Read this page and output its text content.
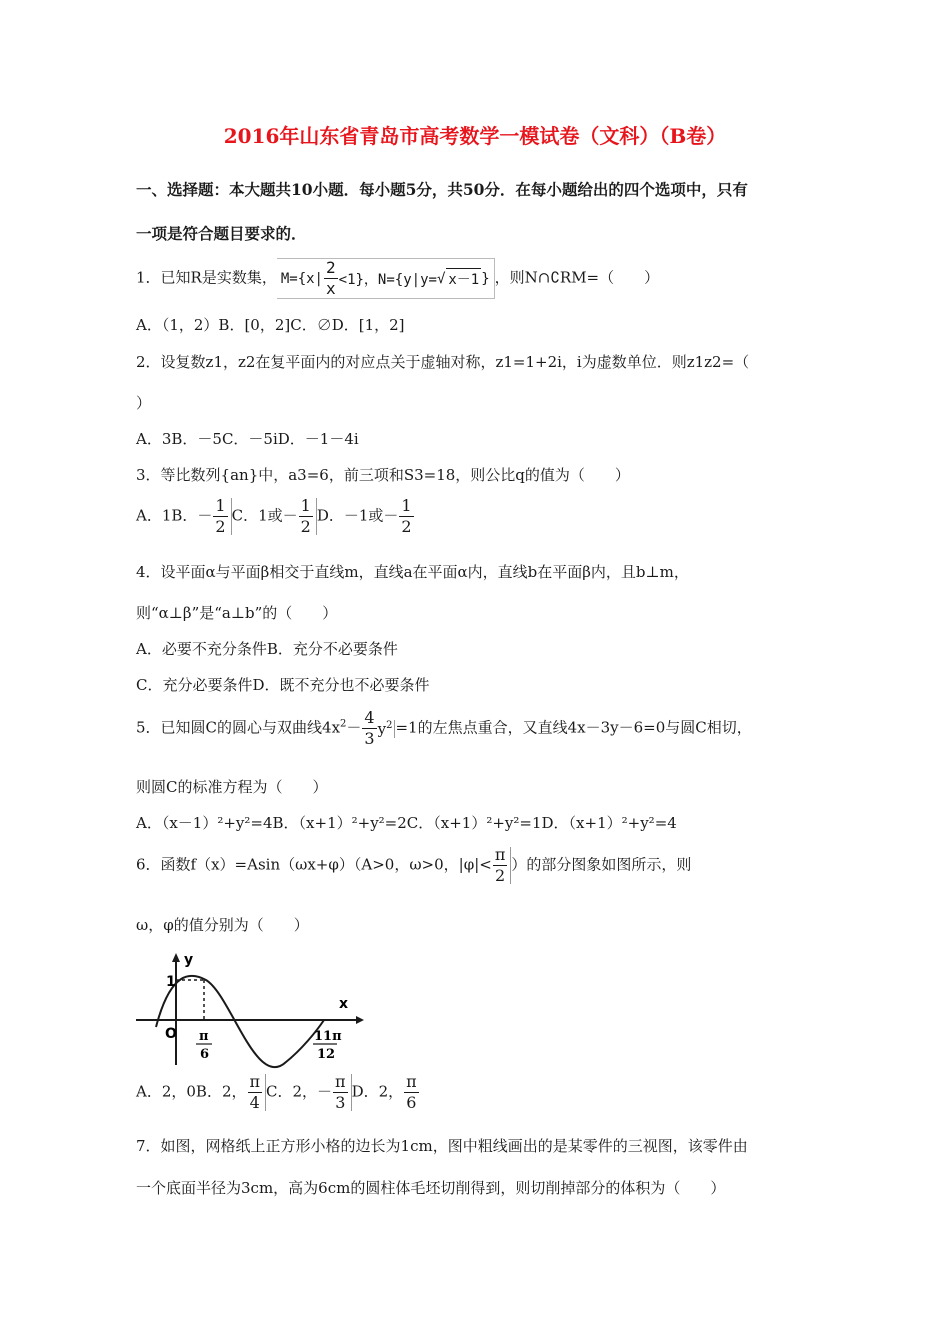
2016年山东省青岛市高考数学一模试卷（文科）（B卷）
一、选择题：本大题共10小题．每小题5分，共50分．在每小题给出的四个选项中，只有
一项是符合题目要求的．
1．已知R是实数集， $M=\{x| \frac{2}{x} <1\}$，N={y|y= √ x－1 } ，则N∩∁RM=（　　）
A．（1，2）B．[0，2]C．∅D．[1，2]
2．设复数z1，z2在复平面内的对应点关于虚轴对称，z1=1+2i，i为虚数单位．则z1z2=（
）
A．3B．－5C．－5iD．－1－4i
3．等比数列{an}中，a3=6，前三项和S3=18，则公比q的值为（　　）
A．1B．－ $\frac{1}{2}$ C．1或－ $\frac{1}{2}$ D．－1或－ $\frac{1}{2}$
4．设平面α与平面β相交于直线m，直线a在平面α内，直线b在平面β内，且b⊥m，
则“α⊥β”是“a⊥b”的（　　）
A．必要不充分条件B．充分不必要条件
C．充分必要条件D．既不充分也不必要条件
5．已知圆C的圆心与双曲线$4x^2- \frac{4}{3} y^2 =1$的左焦点重合，又直线4x－3y－6=0与圆C相切，
则圆C的标准方程为（　　）
A．（x－1）²+y²=4B．（x+1）²+y²=2C．（x+1）²+y²=1D．（x+1）²+y²=4
6．函数f（x）=Asin（ωx+φ）（A>0，ω>0，$|\varphi|< \frac{\pi}{2}$ ）的部分图象如图所示，则
ω，φ的值分别为（　　）
y
x
O
1
π
6
11π
12
A．2，0B．2， $\frac{\pi}{4}$ C．2，－ $\frac{\pi}{3}$ D．2， $\frac{\pi}{6}$
7．如图，网格纸上正方形小格的边长为1cm，图中粗线画出的是某零件的三视图，该零件由
一个底面半径为3cm，高为6cm的圆柱体毛坯切削得到，则切削掉部分的体积为（　　）
